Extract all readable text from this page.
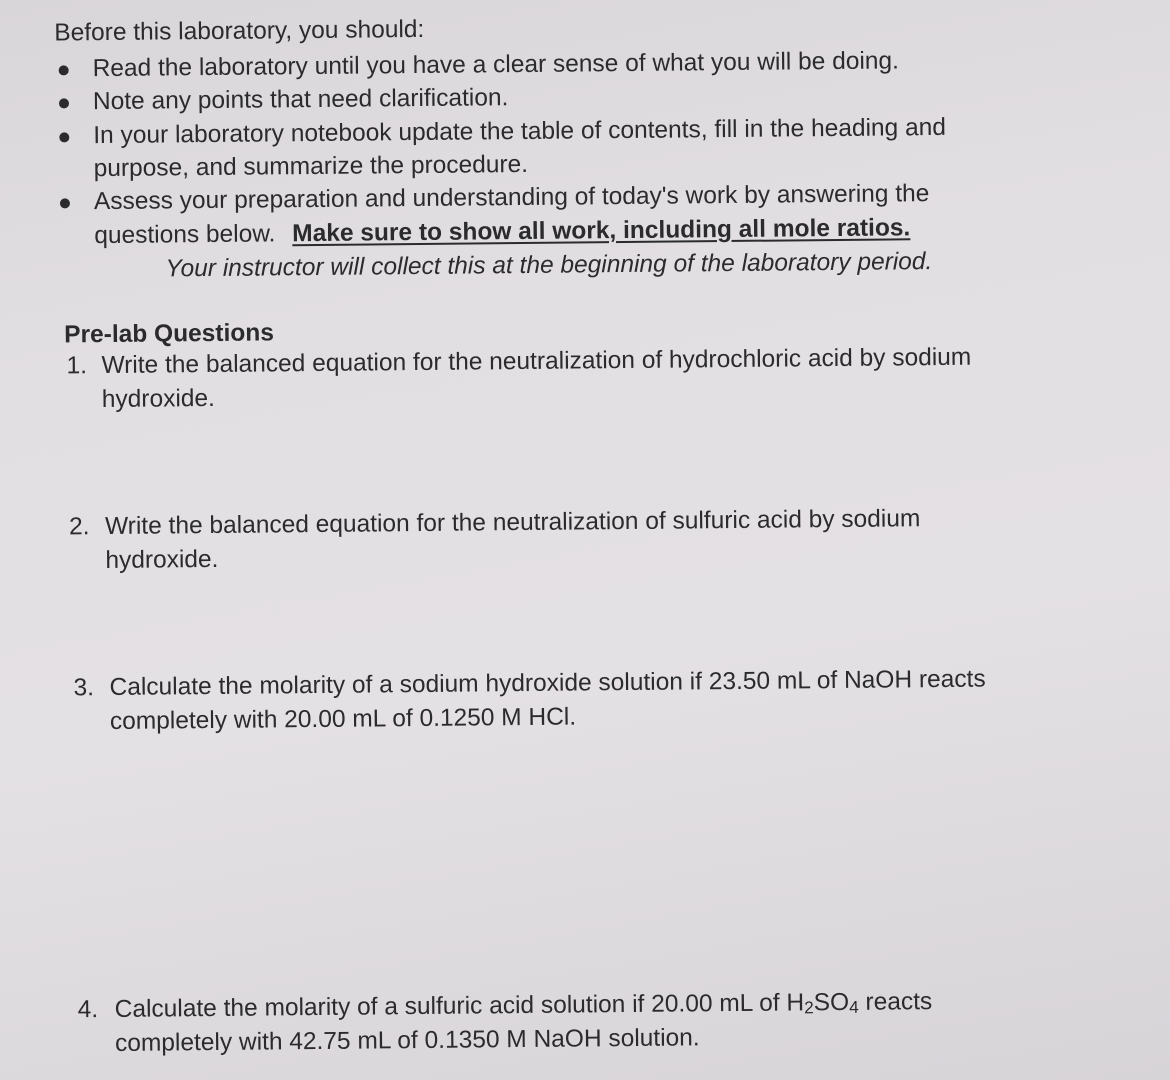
Before this laboratory, you should:
Read the laboratory until you have a clear sense of what you will be doing.
Note any points that need clarification.
In your laboratory notebook update the table of contents, fill in the heading and
purpose, and summarize the procedure.
Assess your preparation and understanding of today's work by answering the
questions below. Make sure to show all work, including all mole ratios.
Your instructor will collect this at the beginning of the laboratory period.
Pre-lab Questions
1. Write the balanced equation for the neutralization of hydrochloric acid by sodium
hydroxide.
2. Write the balanced equation for the neutralization of sulfuric acid by sodium
hydroxide.
3. Calculate the molarity of a sodium hydroxide solution if 23.50 mL of NaOH reacts
completely with 20.00 mL of 0.1250 M HCl.
4. Calculate the molarity of a sulfuric acid solution if 20.00 mL of H2SO4 reacts
completely with 42.75 mL of 0.1350 M NaOH solution.
